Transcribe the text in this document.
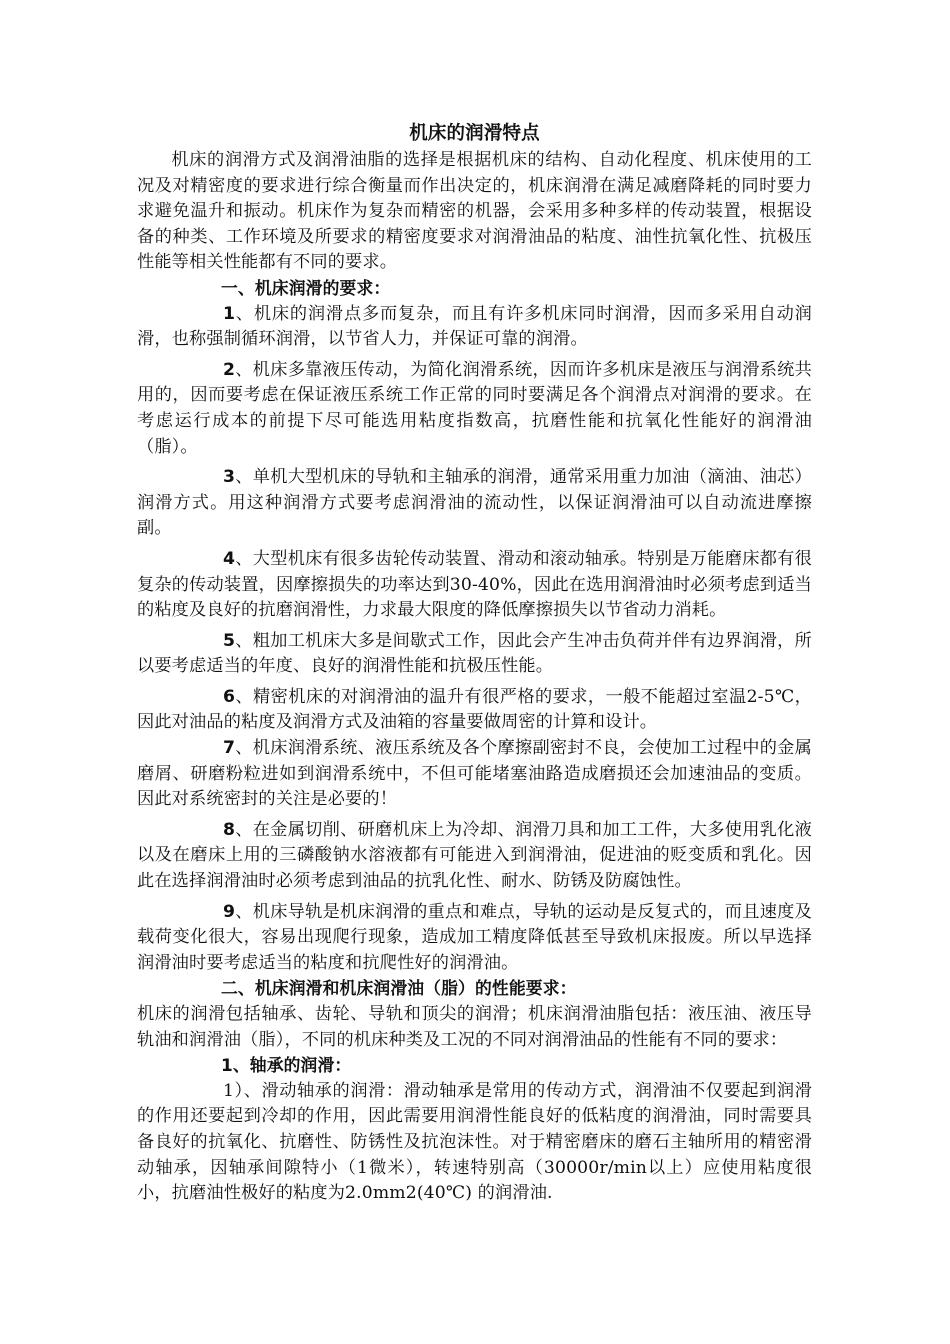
机床的润滑特点

机床的润滑方式及润滑油脂的选择是根据机床的结构、自动化程度、机床使用的工况及对精密度的要求进行综合衡量而作出决定的，机床润滑在满足减磨降耗的同时要力求避免温升和振动。机床作为复杂而精密的机器，会采用多种多样的传动装置，根据设备的种类、工作环境及所要求的精密度要求对润滑油品的粘度、油性抗氧化性、抗极压性能等相关性能都有不同的要求。

一、机床润滑的要求：

1、机床的润滑点多而复杂，而且有许多机床同时润滑，因而多采用自动润滑，也称强制循环润滑，以节省人力，并保证可靠的润滑。

2、机床多靠液压传动，为简化润滑系统，因而许多机床是液压与润滑系统共用的，因而要考虑在保证液压系统工作正常的同时要满足各个润滑点对润滑的要求。在考虑运行成本的前提下尽可能选用粘度指数高，抗磨性能和抗氧化性能好的润滑油（脂）。

3、单机大型机床的导轨和主轴承的润滑，通常采用重力加油（滴油、油芯）润滑方式。用这种润滑方式要考虑润滑油的流动性，以保证润滑油可以自动流进摩擦副。

4、大型机床有很多齿轮传动装置、滑动和滚动轴承。特别是万能磨床都有很复杂的传动装置，因摩擦损失的功率达到30-40%，因此在选用润滑油时必须考虑到适当的粘度及良好的抗磨润滑性，力求最大限度的降低摩擦损失以节省动力消耗。

5、粗加工机床大多是间歇式工作，因此会产生冲击负荷并伴有边界润滑，所以要考虑适当的年度、良好的润滑性能和抗极压性能。

6、精密机床的对润滑油的温升有很严格的要求，一般不能超过室温2-5℃，因此对油品的粘度及润滑方式及油箱的容量要做周密的计算和设计。

7、机床润滑系统、液压系统及各个摩擦副密封不良，会使加工过程中的金属磨屑、研磨粉粒进如到润滑系统中，不但可能堵塞油路造成磨损还会加速油品的变质。因此对系统密封的关注是必要的！

8、在金属切削、研磨机床上为冷却、润滑刀具和加工工件，大多使用乳化液以及在磨床上用的三磷酸钠水溶液都有可能进入到润滑油，促进油的贬变质和乳化。因此在选择润滑油时必须考虑到油品的抗乳化性、耐水、防锈及防腐蚀性。

9、机床导轨是机床润滑的重点和难点，导轨的运动是反复式的，而且速度及载荷变化很大，容易出现爬行现象，造成加工精度降低甚至导致机床报废。所以早选择润滑油时要考虑适当的粘度和抗爬性好的润滑油。

二、机床润滑和机床润滑油（脂）的性能要求：

机床的润滑包括轴承、齿轮、导轨和顶尖的润滑；机床润滑油脂包括：液压油、液压导轨油和润滑油（脂），不同的机床种类及工况的不同对润滑油品的性能有不同的要求：

1、轴承的润滑：

1）、滑动轴承的润滑：滑动轴承是常用的传动方式，润滑油不仅要起到润滑的作用还要起到冷却的作用，因此需要用润滑性能良好的低粘度的润滑油，同时需要具备良好的抗氧化、抗磨性、防锈性及抗泡沫性。对于精密磨床的磨石主轴所用的精密滑动轴承，因轴承间隙特小（1微米），转速特别高（30000r/min以上）应使用粘度很小，抗磨油性极好的粘度为2.0mm2(40℃) 的润滑油.
